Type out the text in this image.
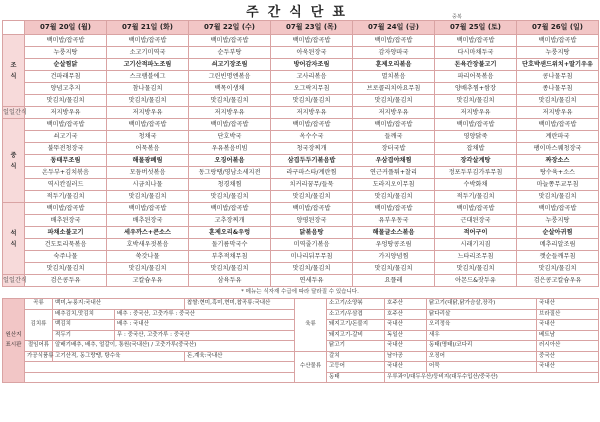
주간식단표	중복
	07월 20일 (월)	07월 21일 (화)	07월 22일 (수)	07월 23일 (목)	07월 24일 (금)	07월 25일 (토)	07월 26일 (일)

조
식	백미밥/잡곡밥	백미밥/잡곡밥	백미밥/잡곡밥	백미밥/잡곡밥	백미밥/잡곡밥	백미밥/잡곡밥	백미밥/잡곡밥
	누룽지탕	소고기미역국	순두부탕	아욱된장국	감자양파국	다시마채두국	누룽지탕
	순살찜닭	고기산적파노조림	쇠고기장조림	방어감자조림	훈제오리볶음	돈육간장불고기	단호박샌드위치+딸기우유
	건파래무침	스크램블에그	그린빈명엔볶음	고사리볶음	멸치볶음	파리어묵볶음	콩나물무침
	양념고추지	참나물김치	백목이생채	오그락지무침	브로콜리치아요무침	양배추찜+쌈장	종나물무침
	맛김치/물김치	맛김치/물김치	맛김치/물김치	맛김치/물김치	맛김치/물김치	맛김치/물김치	맛김치/물김치
일일간식	저지방우유	저지방우유	저지방우유	저지방우유	저지방우유	저지방우유	저지방우유

중
식	백미밥/잡곡밥	백미밥/잡곡밥	백미밥/잡곡밥	백미밥/잡곡밥	백미밥/잡곡밥	백미밥/잡곡밥	백미밥/잡곡밥
	쇠고기국	청채국	단호박국	옥수수국	들깨국	영양닭죽	계란파국
	불뚜전청장국	어묵볶음	우유볶음비빔	청국장찌개	장터국밥	잡채밥	팽이마스퀘청장국
	동태무조림	해물광폐림	오징어볶음	삼겹두두기볶음밥	우삼겹야채찜	장각살계탕	짜장소스
	온두부+김치볶음	모듬버섯볶음	동그랑땡/영남소세지전	라구파스타/계란찜	연근커플튀+찰리	정포두부김가루무침	탕수육+소스
	역시칸질러드	시금치나물	청경채찜	치커리꿈무/들묵	도라지오이무침	수박화채	마늘쫑무교무침
	적두기/물김치	맛김치/물김치	맛김치/물김치	맛김치/물김치	맛김치/물김치	적두기/물김치	맛김치/물김치

석
식	백미밥/잡곡밥	백미밥/잡곡밥	백미밥/잡곡밥	백미밥/잡곡밥	백미밥/잡곡밥	백미밥/잡곡밥	백미밥/잡곡밥
	배추된장국	배추된장국	고추장찌개	양평된장국	유부우동국	근대된장국	누룽지탕
	파채소불고기	세우까스+콘소스	훈제오리&우렁	닭볶음탕	해물글소스볶음	적어구이	순살아귀찜
	건도토리묵볶음	호박새우젓볶음	돌기름막국수	미역줄기볶음	우엉땅콩조림	시래기지짐	메추리알조림
	숙주나물	쑥갓나물	부추적채무침	미나리뒤무무침	가지양념찜	느타리조무침	깻순들깨무침
	맛김치/물김치	맛김치/물김치	맛김치/물김치	맛김치/물김치	맛김치/물김치	맛김치/물김치	맛김치/물김치
일일간식	검은콩두유	고칼슘우유	삼육두유	연세두유	요플레	아몬드&잣두유	검은콩고칼슘우유
* 메뉴는 식자재 수급에 따라 달라질 수 있습니다.
원산지표시판	곡류	백미,누룽지:국내산		찹쌀:현미,흑미,현미,찹곡류:국내산	육류	소고기/소양볶	호주산	닭고기(대닭,닭가슴살,장각)	국내산
	김치류	배추김치,맛김치	배추 : 중국산, 고춧가루 : 중국산			소고기/우삼겹	호주산	닭다리살	브라질산
		백김치	배추 : 국내산			돼지고기/돈불지	국내산	오리정육	국내산
		적두기	무 : 중국산, 고춧가루 : 중국산			돼지고기-갈비	독일산	새우	베트남
	절임어류	알배기배추, 배추, 얼갈이, 통원(국내산) / 고춧가루(중국산)				닭고기	국내산	동태(명태)/코다리	러시아산
	가공식품류	고기산적, 동그랑땡, 탕수육		돈,계육:국내산	수산물류	갈치	남아공	오징어	중국산
						고등어	국내산	어묵	국내산
						동태	우루과이/대두우산/둥비지(대두수입산/중국산)		
